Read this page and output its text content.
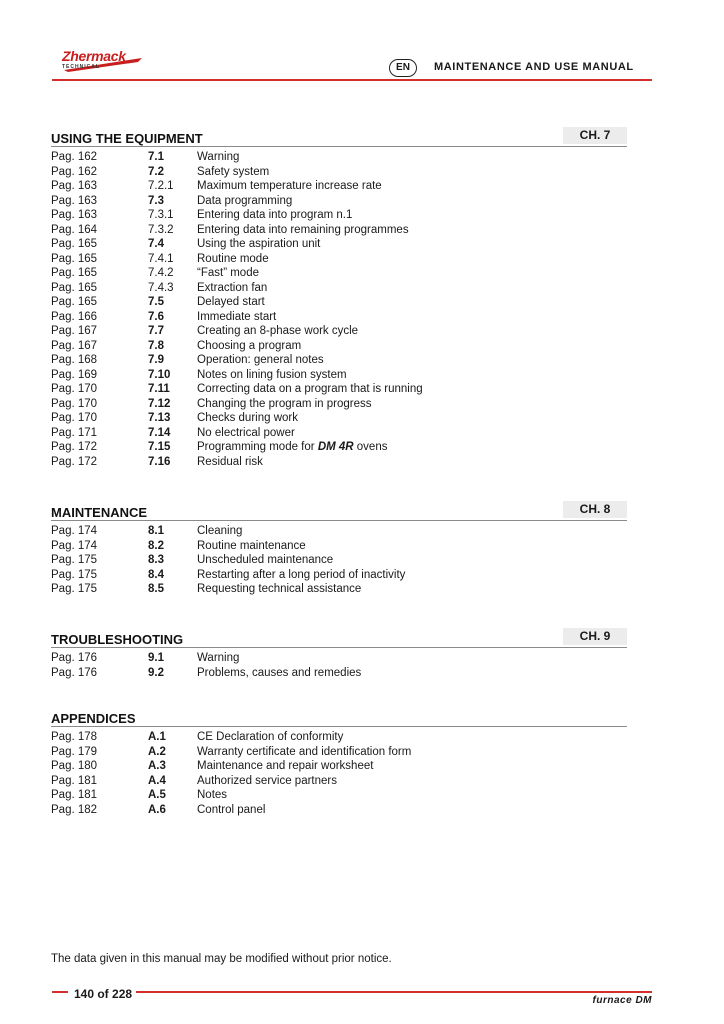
Zhermack
TECHNICAL	EN	MAINTENANCE AND USE MANUAL
USING THE EQUIPMENT	CH. 7
Pag. 162	7.1	Warning
Pag. 162	7.2	Safety system
Pag. 163	7.2.1 Maximum temperature increase rate
Pag. 163	7.3	Data programming
Pag. 163	7.3.1 Entering data into program n.1
Pag. 164	7.3.2 Entering data into remaining programmes
Pag. 165	7.4	Using the aspiration unit
Pag. 165	7.4.1 Routine mode
Pag. 165	7.4.2 “Fast” mode
Pag. 165	7.4.3 Extraction fan
Pag. 165	7.5	Delayed start
Pag. 166	7.6	Immediate start
Pag. 167	7.7	Creating an 8-phase work cycle
Pag. 167	7.8	Choosing a program
Pag. 168	7.9	Operation: general notes
Pag. 169	7.10 Notes on lining fusion system
Pag. 170	7.11 Correcting data on a program that is running
Pag. 170	7.12 Changing the program in progress
Pag. 170	7.13 Checks during work
Pag. 171	7.14 No electrical power
Pag. 172	7.15 Programming mode for DM 4R ovens
Pag. 172	7.16 Residual risk
MAINTENANCE	CH. 8
Pag. 174	8.1	Cleaning
Pag. 174	8.2	Routine maintenance
Pag. 175	8.3	Unscheduled maintenance
Pag. 175	8.4	Restarting after a long period of inactivity
Pag. 175	8.5	Requesting technical assistance
TROUBLESHOOTING	CH. 9
Pag. 176	9.1	Warning
Pag. 176	9.2	Problems, causes and remedies
APPENDICES
Pag. 178	A.1	CE Declaration of conformity
Pag. 179	A.2	Warranty certificate and identification form
Pag. 180	A.3	Maintenance and repair worksheet
Pag. 181	A.4	Authorized service partners
Pag. 181	A.5	Notes
Pag. 182	A.6	Control panel
The data given in this manual may be modified without prior notice.
140 of 228	furnace DM
